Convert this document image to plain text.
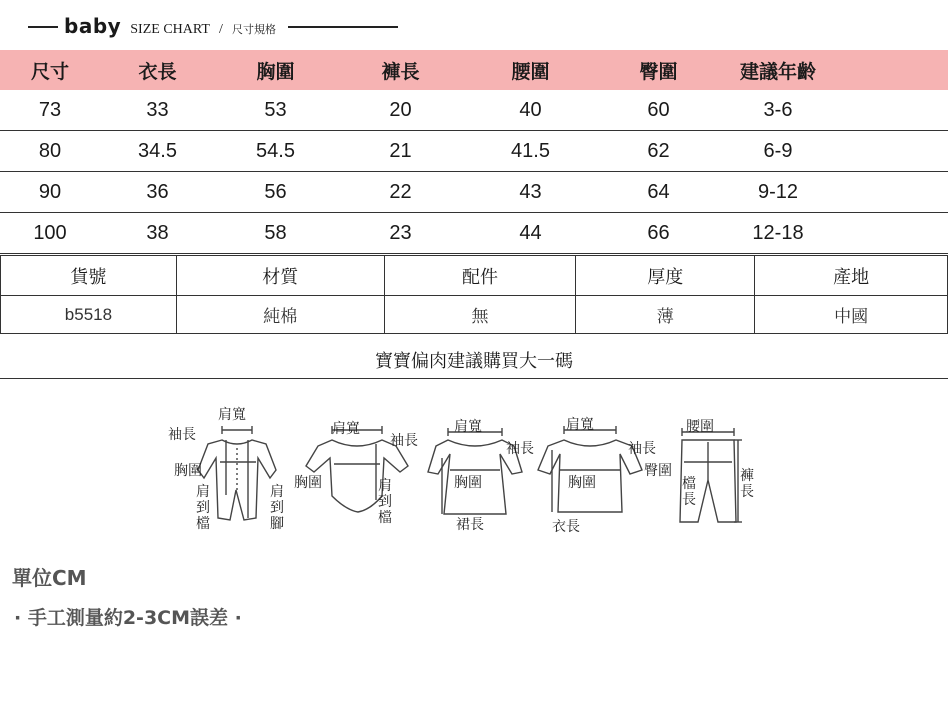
baby SIZE CHART / 尺寸規格
尺寸	衣長	胸圍	褲長	腰圍	臀圍	建議年齡
73	33	53	20	40	60	3-6
80	34.5	54.5	21	41.5	62	6-9
90	36	56	22	43	64	9-12
100	38	58	23	44	66	12-18
貨號	材質	配件	厚度	產地
b5518	純棉	無	薄	中國
寶寶偏肉建議購買大一碼
肩寬
袖長
胸圍
肩到檔
肩到腳
肩寬
袖長
胸圍	肩到檔
肩寬
袖長
胸圍
裙長
肩寬
袖長
胸圍
衣長
腰圍
臀圍
檔長
褲長
單位CM
· 手工測量約2-3CM誤差 ·
